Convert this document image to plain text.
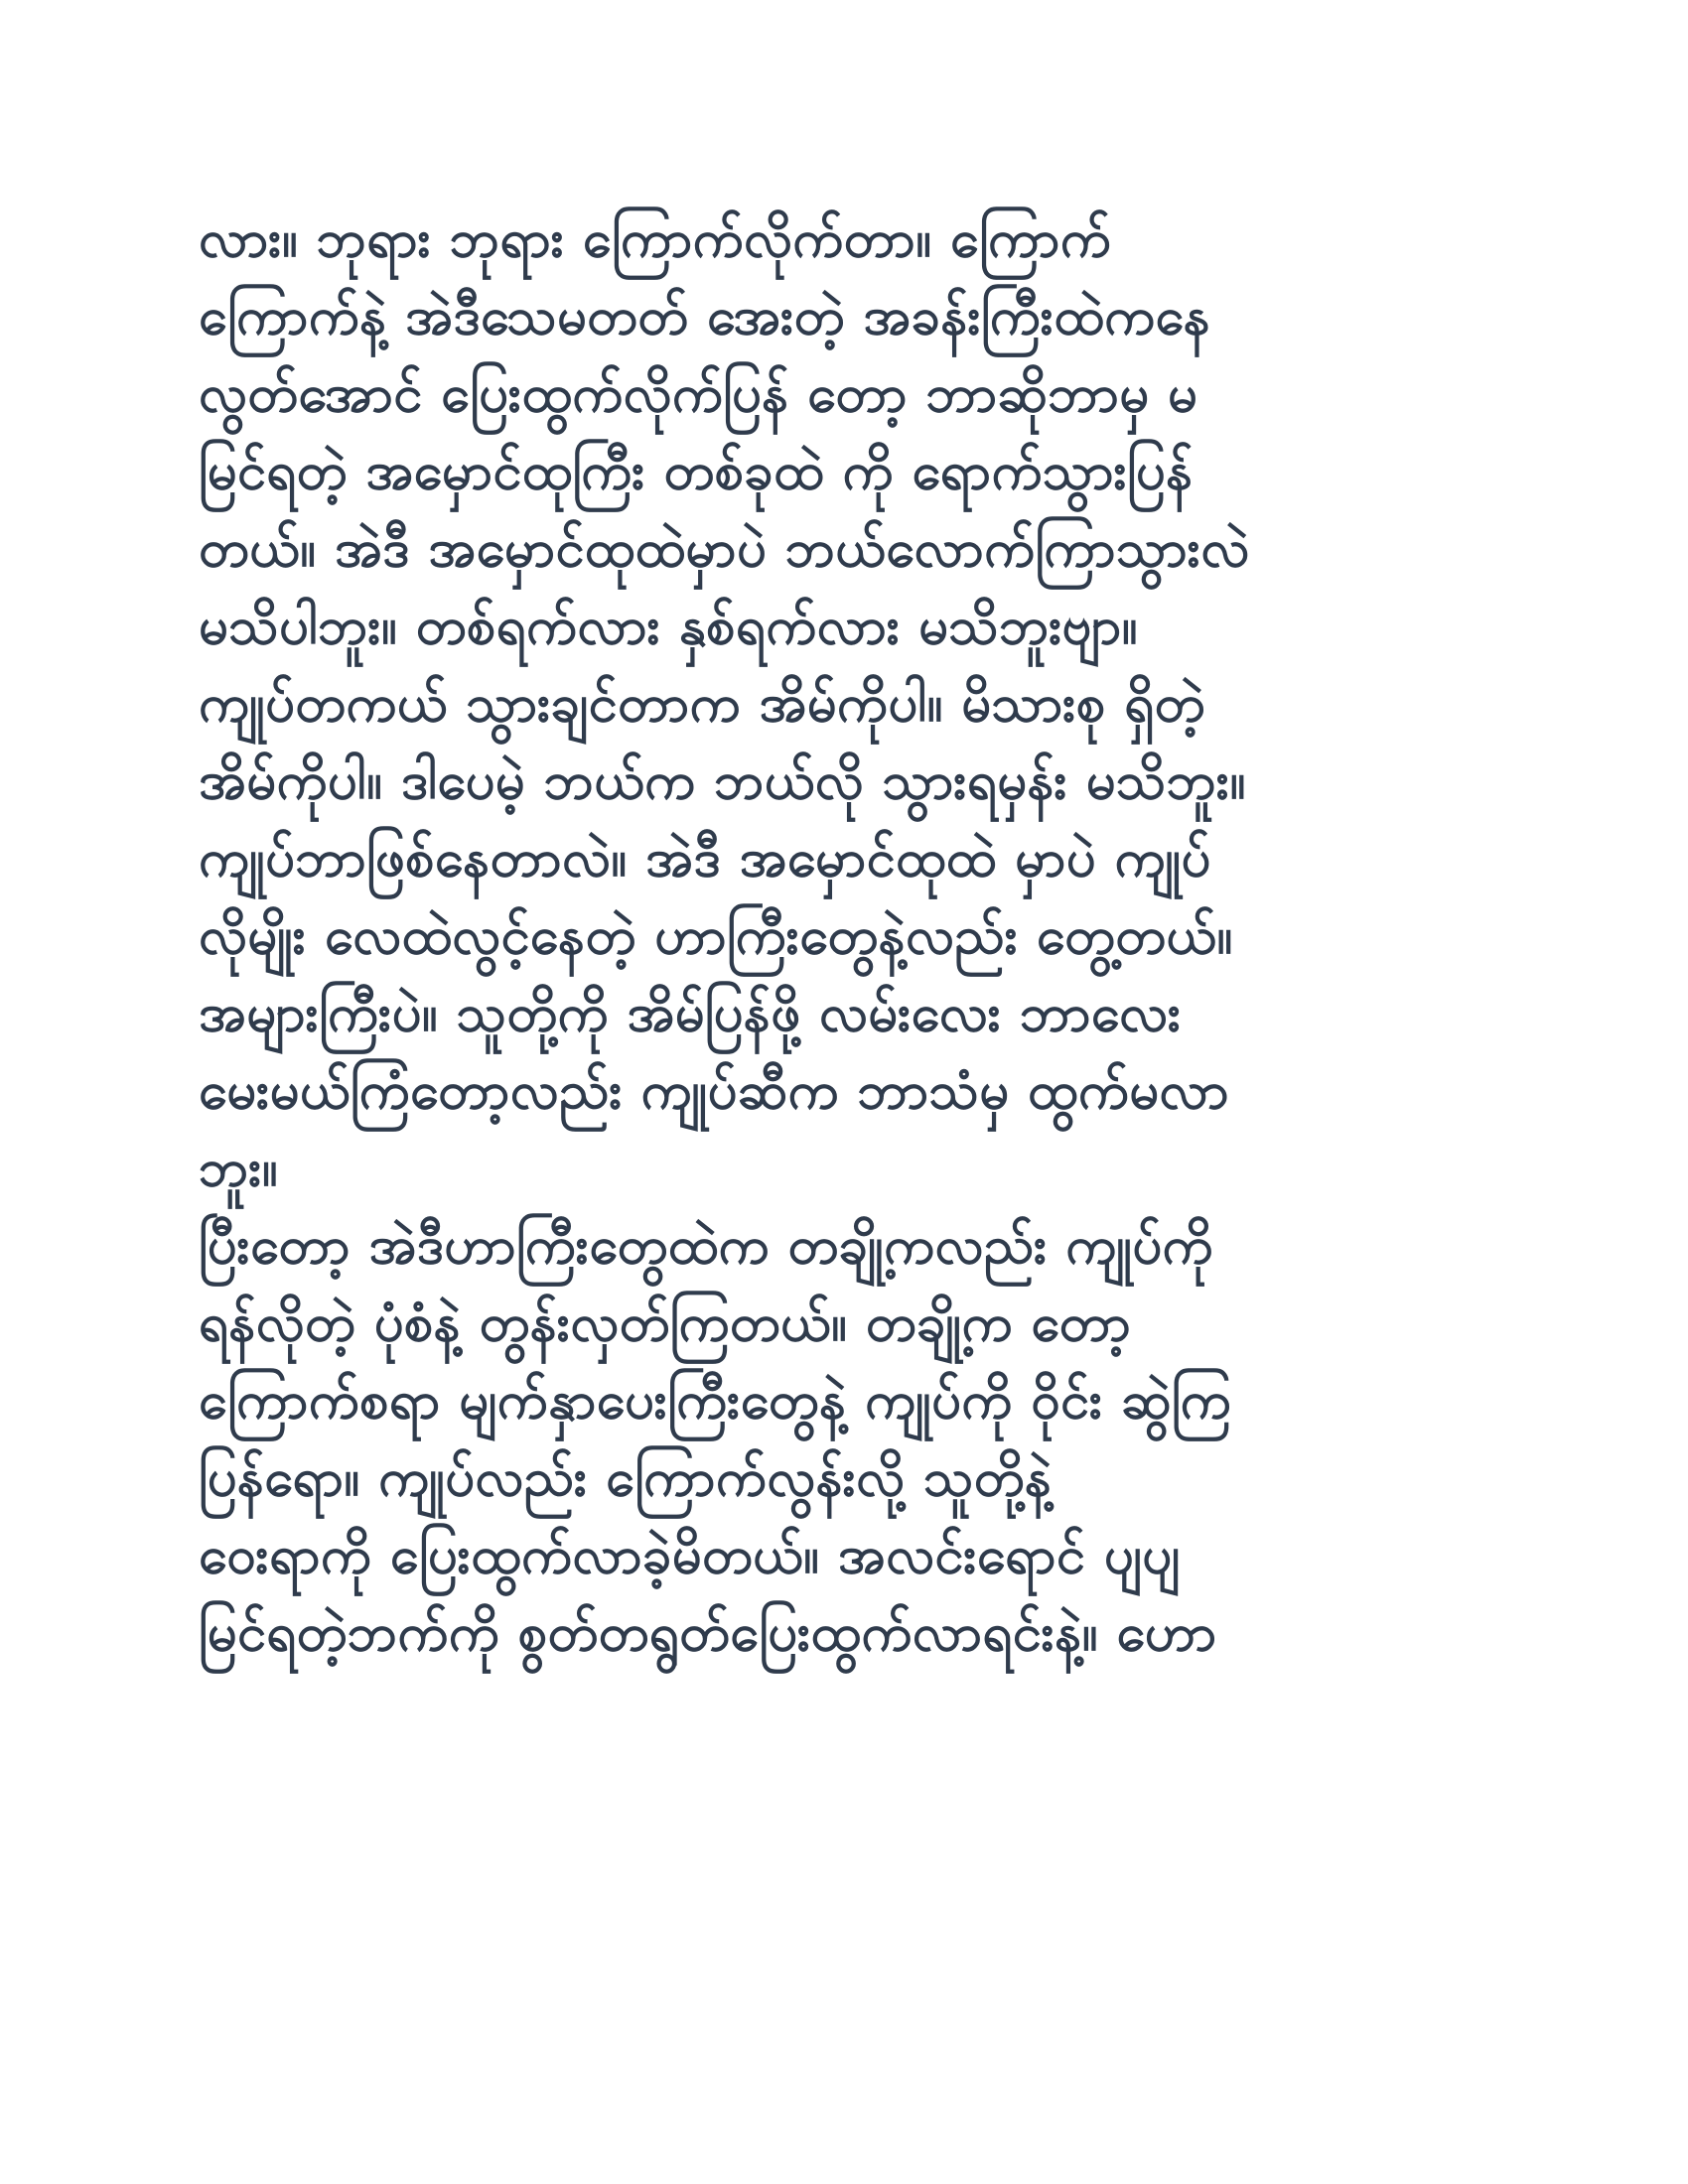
လား။ ဘုရား ဘုရား ကြောက်လိုက်တာ။ ကြောက်
ကြောက်နဲ့ အဲဒီသေမတတ် အေးတဲ့ အခန်းကြီးထဲကနေ
လွတ်အောင် ပြေးထွက်လိုက်ပြန် တော့ ဘာဆိုဘာမှ မ
မြင်ရတဲ့ အမှောင်ထုကြီး တစ်ခုထဲ ကို ရောက်သွားပြန်
တယ်။ အဲဒီ အမှောင်ထုထဲမှာပဲ ဘယ်လောက်ကြာသွားလဲ
မသိပါဘူး။ တစ်ရက်လား နှစ်ရက်လား မသိဘူးဗျာ။
ကျုပ်တကယ် သွားချင်တာက အိမ်ကိုပါ။ မိသားစု ရှိတဲ့
အိမ်ကိုပါ။ ဒါပေမဲ့ ဘယ်က ဘယ်လို သွားရမှန်း မသိဘူး။
ကျုပ်ဘာဖြစ်နေတာလဲ။ အဲဒီ အမှောင်ထုထဲ မှာပဲ ကျုပ်
လိုမျိုး လေထဲလွင့်နေတဲ့ ဟာကြီးတွေနဲ့လည်း တွေ့တယ်။
အများကြီးပဲ။ သူတို့ကို အိမ်ပြန်ဖို့ လမ်းလေး ဘာလေး
မေးမယ်ကြံတော့လည်း ကျုပ်ဆီက ဘာသံမှ ထွက်မလာ
ဘူး။
ပြီးတော့ အဲဒီဟာကြီးတွေထဲက တချို့ကလည်း ကျုပ်ကို
ရန်လိုတဲ့ ပုံစံနဲ့ တွန်းလှတ်ကြတယ်။ တချို့က တော့
ကြောက်စရာ မျက်နှာပေးကြီးတွေနဲ့ ကျုပ်ကို ဝိုင်း ဆွဲကြ
ပြန်ရော။ ကျုပ်လည်း ကြောက်လွန်းလို့ သူတို့နဲ့
ဝေးရာကို ပြေးထွက်လာခဲ့မိတယ်။ အလင်းရောင် ပျပျ
မြင်ရတဲ့ဘက်ကို စွတ်တရွတ်ပြေးထွက်လာရင်းနဲ့။ ဟော
